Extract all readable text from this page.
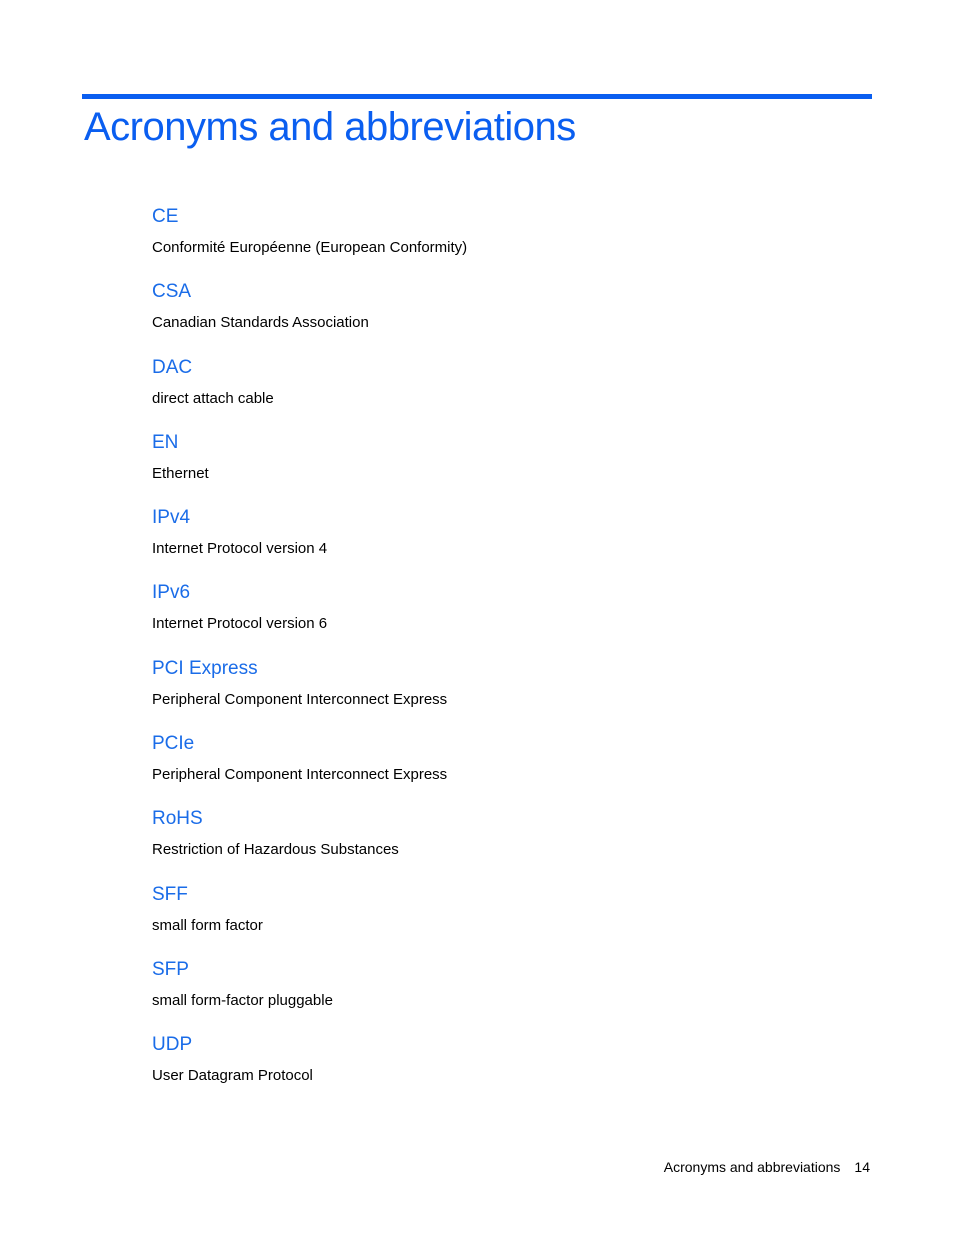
Acronyms and abbreviations
CE
Conformité Européenne (European Conformity)
CSA
Canadian Standards Association
DAC
direct attach cable
EN
Ethernet
IPv4
Internet Protocol version 4
IPv6
Internet Protocol version 6
PCI Express
Peripheral Component Interconnect Express
PCIe
Peripheral Component Interconnect Express
RoHS
Restriction of Hazardous Substances
SFF
small form factor
SFP
small form-factor pluggable
UDP
User Datagram Protocol
Acronyms and abbreviations 14
